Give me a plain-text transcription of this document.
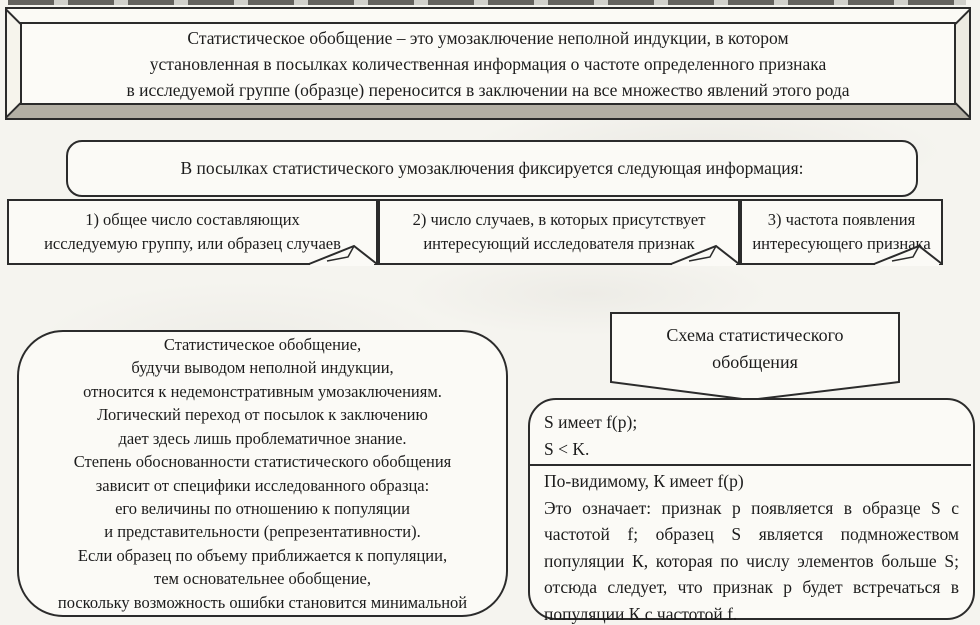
Статистическое обобщение – это умозаключение неполной индукции, в котором
установленная в посылках количественная информация о частоте определенного признака
в исследуемой группе (образце) переносится в заключении на все множество явлений этого рода
В посылках статистического умозаключения фиксируется следующая информация:
1) общее число составляющих
исследуемую группу, или образец случаев
2) число случаев, в которых присутствует
интересующий исследователя признак
3) частота появления
интересующего признака
Статистическое обобщение,
будучи выводом неполной индукции,
относится к недемонстративным умозаключениям.
Логический переход от посылок к заключению
дает здесь лишь проблематичное знание.
Степень обоснованности статистического обобщения
зависит от специфики исследованного образца:
его величины по отношению к популяции
и представительности (репрезентативности).
Если образец по объему приближается к популяции,
тем основательнее обобщение,
поскольку возможность ошибки становится минимальной
Схема статистического
обобщения
S имеет f(p);
S < K.
По-видимому, К имеет f(p)
Это означает: признак p появляется в образце S с частотой f; образец S является подмножеством популяции К, которая по числу элементов больше S; отсюда следует, что признак p будет встречаться в популяции К с частотой f.
